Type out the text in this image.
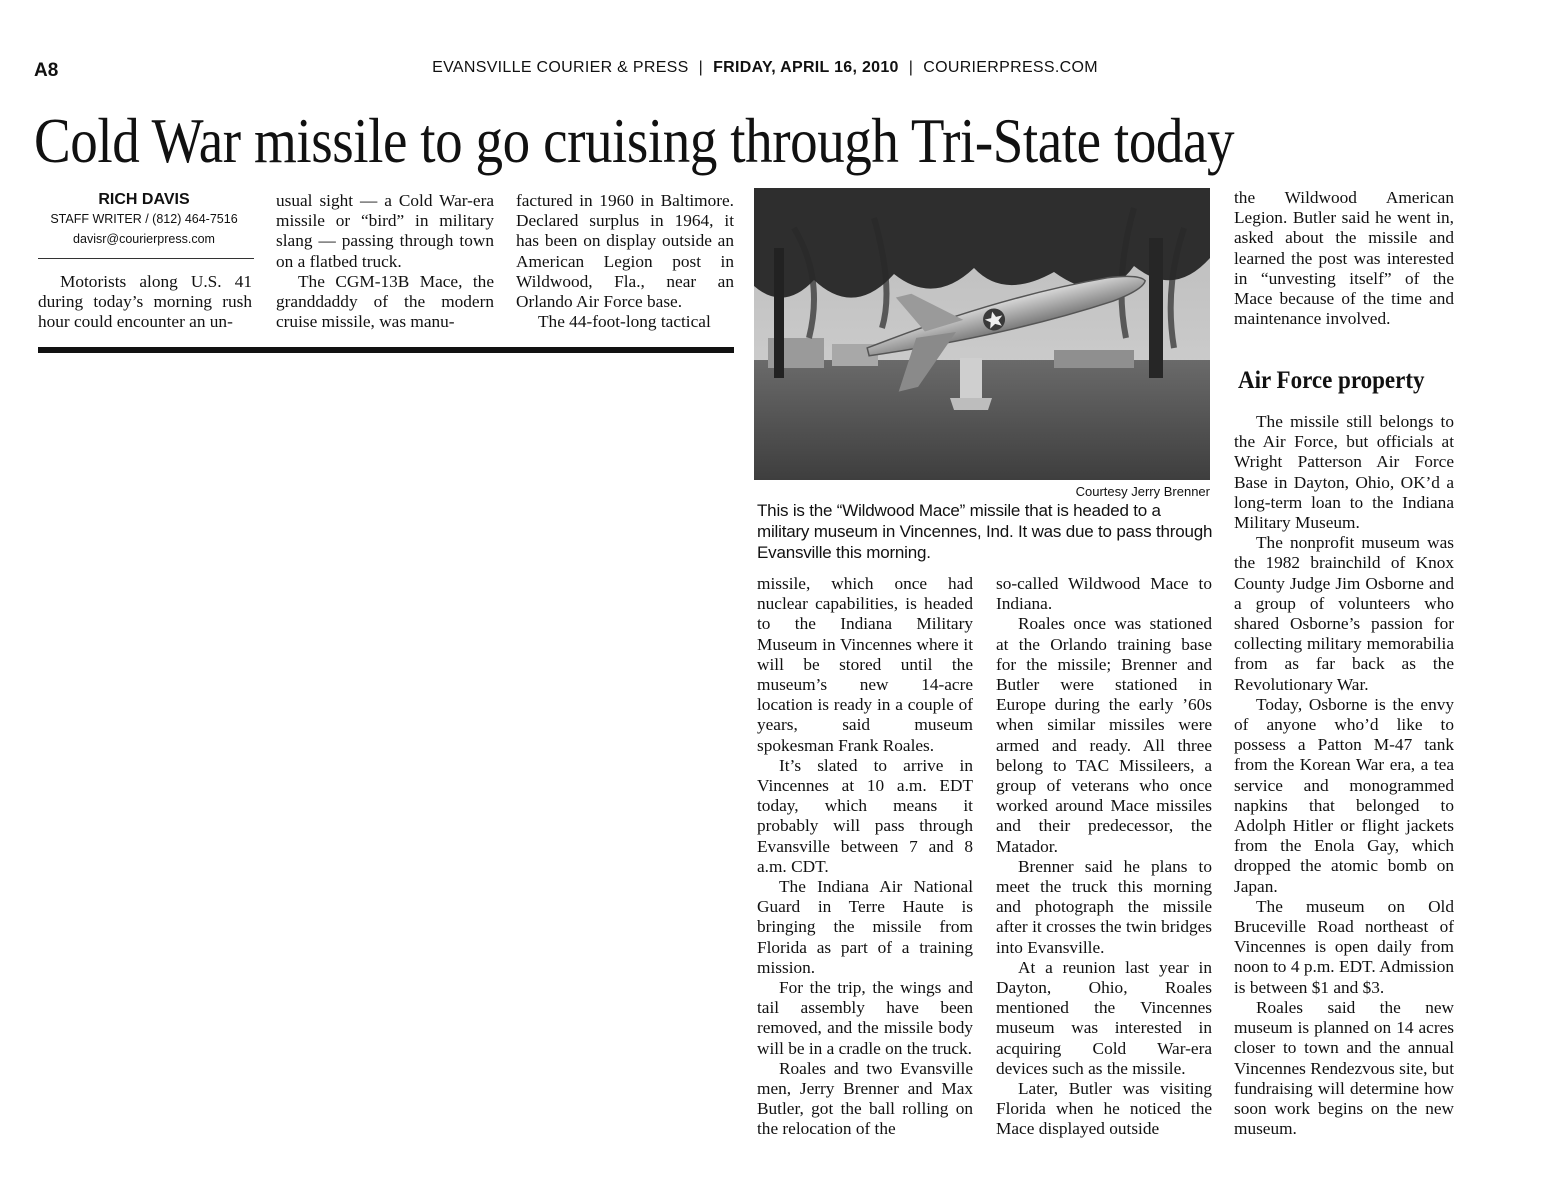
A8	EVANSVILLE COURIER & PRESS | FRIDAY, APRIL 16, 2010 | COURIERPRESS.COM
Cold War missile to go cruising through Tri-State today
RICH DAVIS
STAFF WRITER / (812) 464-7516
davisr@courierpress.com

Motorists along U.S. 41 during today’s morning rush hour could encounter an un-

usual sight — a Cold War-era missile or “bird” in military slang — passing through town on a flatbed truck.

The CGM-13B Mace, the granddaddy of the modern cruise missile, was manu-

factured in 1960 in Baltimore. Declared surplus in 1964, it has been on display outside an American Legion post in Wildwood, Fla., near an Orlando Air Force base.

The 44-foot-long tactical

Courtesy Jerry Brenner
This is the “Wildwood Mace” missile that is headed to a military museum in Vincennes, Ind. It was due to pass through Evansville this morning.

missile, which once had nuclear capabilities, is headed to the Indiana Military Museum in Vincennes where it will be stored until the museum’s new 14-acre location is ready in a couple of years, said museum spokesman Frank Roales.

It’s slated to arrive in Vincennes at 10 a.m. EDT today, which means it probably will pass through Evansville between 7 and 8 a.m. CDT.

The Indiana Air National Guard in Terre Haute is bringing the missile from Florida as part of a training mission.

For the trip, the wings and tail assembly have been removed, and the missile body will be in a cradle on the truck.

Roales and two Evansville men, Jerry Brenner and Max Butler, got the ball rolling on the relocation of the

so-called Wildwood Mace to Indiana.

Roales once was stationed at the Orlando training base for the missile; Brenner and Butler were stationed in Europe during the early ’60s when similar missiles were armed and ready. All three belong to TAC Missileers, a group of veterans who once worked around Mace missiles and their predecessor, the Matador.

Brenner said he plans to meet the truck this morning and photograph the missile after it crosses the twin bridges into Evansville.

At a reunion last year in Dayton, Ohio, Roales mentioned the Vincennes museum was interested in acquiring Cold War-era devices such as the missile.

Later, Butler was visiting Florida when he noticed the Mace displayed outside

the Wildwood American Legion. Butler said he went in, asked about the missile and learned the post was interested in “unvesting itself” of the Mace because of the time and maintenance involved.

Air Force property

The missile still belongs to the Air Force, but officials at Wright Patterson Air Force Base in Dayton, Ohio, OK’d a long-term loan to the Indiana Military Museum.

The nonprofit museum was the 1982 brainchild of Knox County Judge Jim Osborne and a group of volunteers who shared Osborne’s passion for collecting military memorabilia from as far back as the Revolutionary War.

Today, Osborne is the envy of anyone who’d like to possess a Patton M-47 tank from the Korean War era, a tea service and monogrammed napkins that belonged to Adolph Hitler or flight jackets from the Enola Gay, which dropped the atomic bomb on Japan.

The museum on Old Bruceville Road northeast of Vincennes is open daily from noon to 4 p.m. EDT. Admission is between $1 and $3.

Roales said the new museum is planned on 14 acres closer to town and the annual Vincennes Rendezvous site, but fundraising will determine how soon work begins on the new museum.
